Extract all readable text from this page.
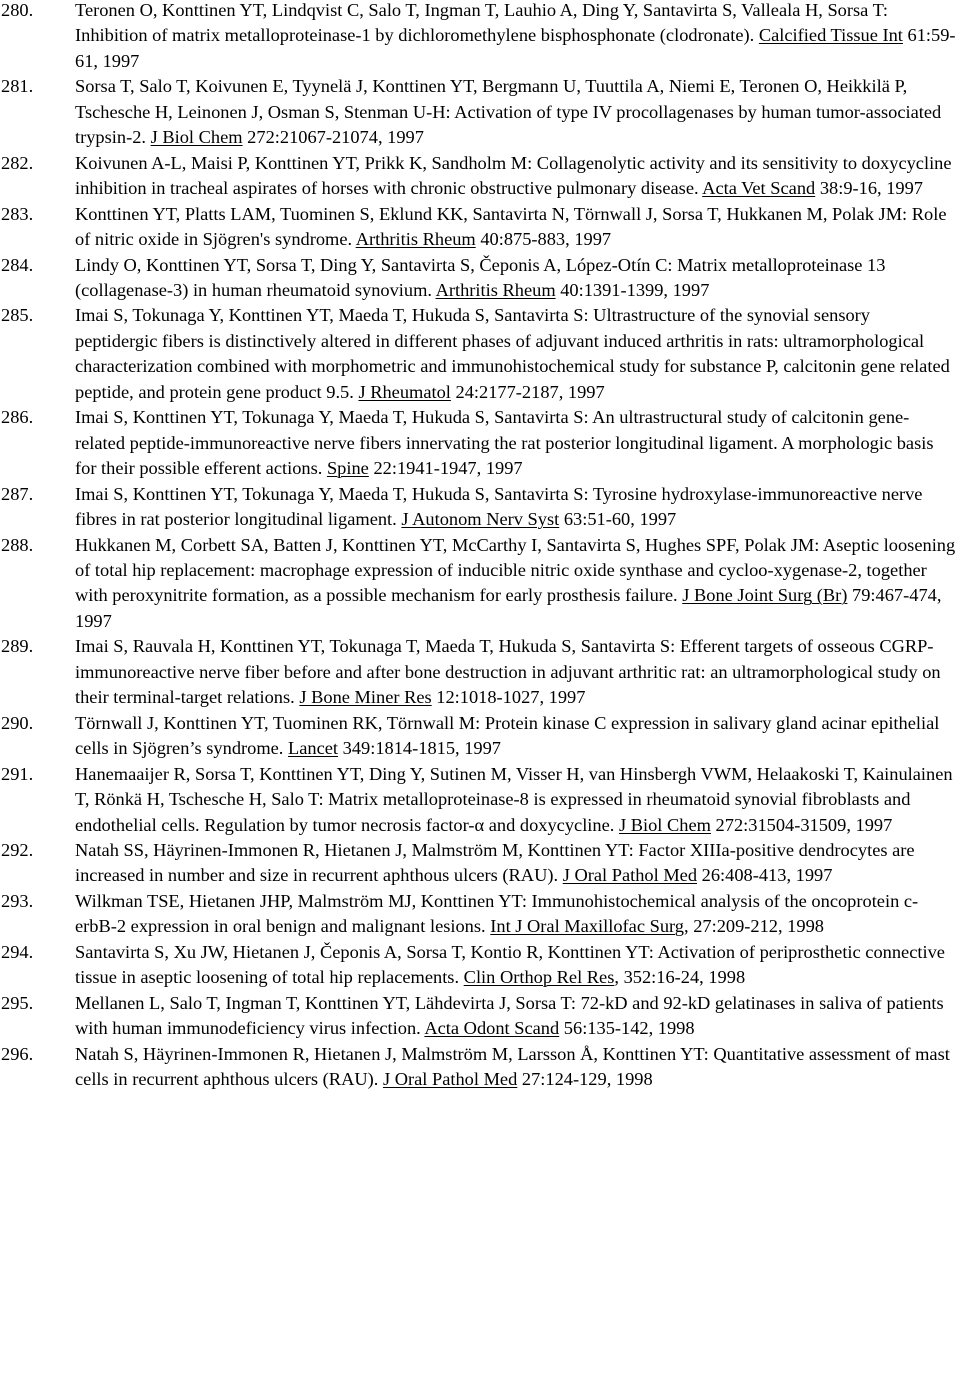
280. Teronen O, Konttinen YT, Lindqvist C, Salo T, Ingman T, Lauhio A, Ding Y, Santavirta S, Valleala H, Sorsa T: Inhibition of matrix metalloproteinase-1 by dichloromethylene bisphosphonate (clodronate). Calcified Tissue Int 61:59-61, 1997
281. Sorsa T, Salo T, Koivunen E, Tyynelä J, Konttinen YT, Bergmann U, Tuuttila A, Niemi E, Teronen O, Heikkilä P, Tschesche H, Leinonen J, Osman S, Stenman U-H: Activation of type IV procollagenases by human tumor-associated trypsin-2. J Biol Chem 272:21067-21074, 1997
282. Koivunen A-L, Maisi P, Konttinen YT, Prikk K, Sandholm M: Collagenolytic activity and its sensitivity to doxycycline inhibition in tracheal aspirates of horses with chronic obstructive pulmonary disease. Acta Vet Scand 38:9-16, 1997
283. Konttinen YT, Platts LAM, Tuominen S, Eklund KK, Santavirta N, Törnwall J, Sorsa T, Hukkanen M, Polak JM: Role of nitric oxide in Sjögren's syndrome. Arthritis Rheum 40:875-883, 1997
284. Lindy O, Konttinen YT, Sorsa T, Ding Y, Santavirta S, Čeponis A, López-Otín C: Matrix metalloproteinase 13 (collagenase-3) in human rheumatoid synovium. Arthritis Rheum 40:1391-1399, 1997
285. Imai S, Tokunaga Y, Konttinen YT, Maeda T, Hukuda S, Santavirta S: Ultrastructure of the synovial sensory peptidergic fibers is distinctively altered in different phases of adjuvant induced arthritis in rats: ultramorphological characterization combined with morphometric and immunohistochemical study for substance P, calcitonin gene related peptide, and protein gene product 9.5. J Rheumatol 24:2177-2187, 1997
286. Imai S, Konttinen YT, Tokunaga Y, Maeda T, Hukuda S, Santavirta S: An ultrastructural study of calcitonin gene-related peptide-immunoreactive nerve fibers innervating the rat posterior longitudinal ligament. A morphologic basis for their possible efferent actions. Spine 22:1941-1947, 1997
287. Imai S, Konttinen YT, Tokunaga Y, Maeda T, Hukuda S, Santavirta S: Tyrosine hydroxylase-immunoreactive nerve fibres in rat posterior longitudinal ligament. J Autonom Nerv Syst 63:51-60, 1997
288. Hukkanen M, Corbett SA, Batten J, Konttinen YT, McCarthy I, Santavirta S, Hughes SPF, Polak JM: Aseptic loosening of total hip replacement: macrophage expression of inducible nitric oxide synthase and cycloo-xygenase-2, together with peroxynitrite formation, as a possible mechanism for early prosthesis failure. J Bone Joint Surg (Br) 79:467-474, 1997
289. Imai S, Rauvala H, Konttinen YT, Tokunaga T, Maeda T, Hukuda S, Santavirta S: Efferent targets of osseous CGRP-immunoreactive nerve fiber before and after bone destruction in adjuvant arthritic rat: an ultramorphological study on their terminal-target relations. J Bone Miner Res 12:1018-1027, 1997
290. Törnwall J, Konttinen YT, Tuominen RK, Törnwall M: Protein kinase C expression in salivary gland acinar epithelial cells in Sjögren’s syndrome. Lancet 349:1814-1815, 1997
291. Hanemaaijer R, Sorsa T, Konttinen YT, Ding Y, Sutinen M, Visser H, van Hinsbergh VWM, Helaakoski T, Kainulainen T, Rönkä H, Tschesche H, Salo T: Matrix metalloproteinase-8 is expressed in rheumatoid synovial fibroblasts and endothelial cells. Regulation by tumor necrosis factor-α and doxycycline. J Biol Chem 272:31504-31509, 1997
292. Natah SS, Häyrinen-Immonen R, Hietanen J, Malmström M, Konttinen YT: Factor XIIIa-positive dendrocytes are increased in number and size in recurrent aphthous ulcers (RAU). J Oral Pathol Med 26:408-413, 1997
293. Wilkman TSE, Hietanen JHP, Malmström MJ, Konttinen YT: Immunohistochemical analysis of the oncoprotein c-erbB-2 expression in oral benign and malignant lesions. Int J Oral Maxillofac Surg, 27:209-212, 1998
294. Santavirta S, Xu JW, Hietanen J, Čeponis A, Sorsa T, Kontio R, Konttinen YT: Activation of periprosthetic connective tissue in aseptic loosening of total hip replacements. Clin Orthop Rel Res, 352:16-24, 1998
295. Mellanen L, Salo T, Ingman T, Konttinen YT, Lähdevirta J, Sorsa T: 72-kD and 92-kD gelatinases in saliva of patients with human immunodeficiency virus infection. Acta Odont Scand 56:135-142, 1998
296. Natah S, Häyrinen-Immonen R, Hietanen J, Malmström M, Larsson Å, Konttinen YT: Quantitative assessment of mast cells in recurrent aphthous ulcers (RAU). J Oral Pathol Med 27:124-129, 1998
